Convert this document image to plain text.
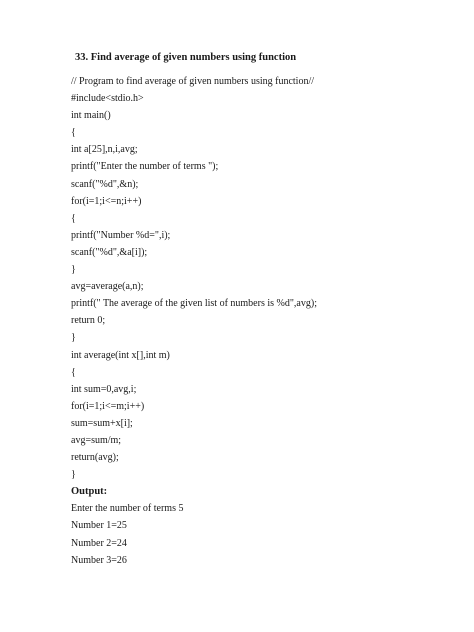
33. Find average of given numbers using function
// Program to find average of given numbers using function//
#include<stdio.h>
int main()
{
int a[25],n,i,avg;
printf("Enter the number of terms ");
scanf("%d",&n);
for(i=1;i<=n;i++)
{
printf("Number %d=",i);
scanf("%d",&a[i]);
}
avg=average(a,n);
printf(" The average of the given list of numbers is %d",avg);
return 0;
}
int average(int x[],int m)
{
int sum=0,avg,i;
for(i=1;i<=m;i++)
sum=sum+x[i];
avg=sum/m;
return(avg);
}
Output:
Enter the number of terms 5
Number 1=25
Number 2=24
Number 3=26
